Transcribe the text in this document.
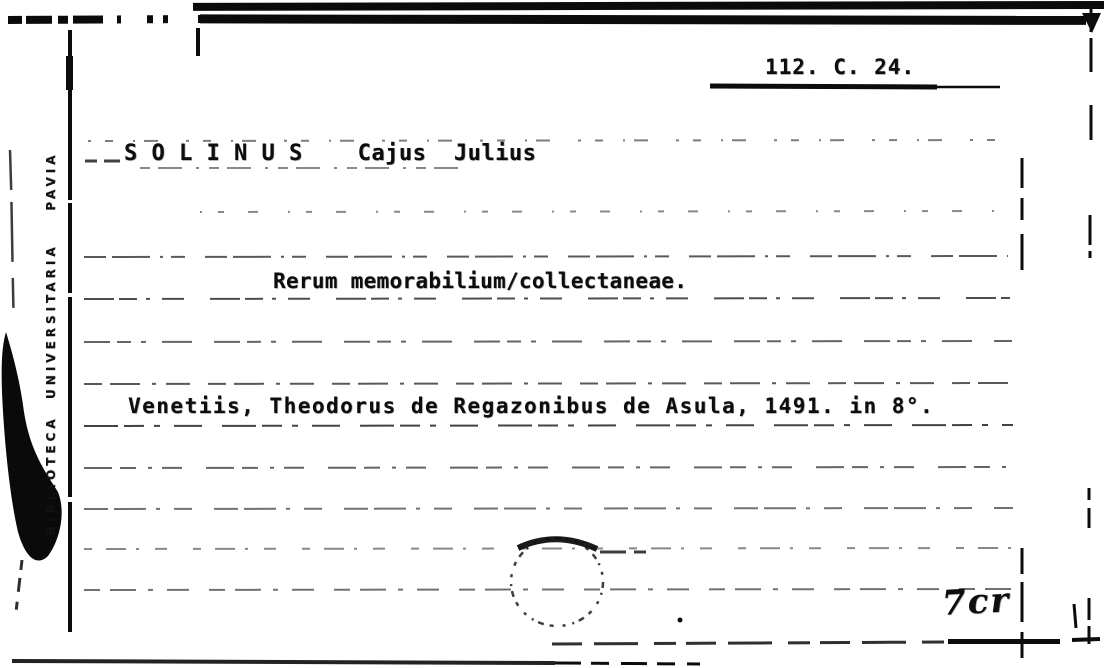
112. C. 24.
S O L I N U S    Cajus  Julius
Rerum memorabilium/collectaneae.
Venetiis, Theodorus de Regazonibus de Asula, 1491. in 8°.
BIBLIOTECA  UNIVERSITARIA    PAVIA
7cr
